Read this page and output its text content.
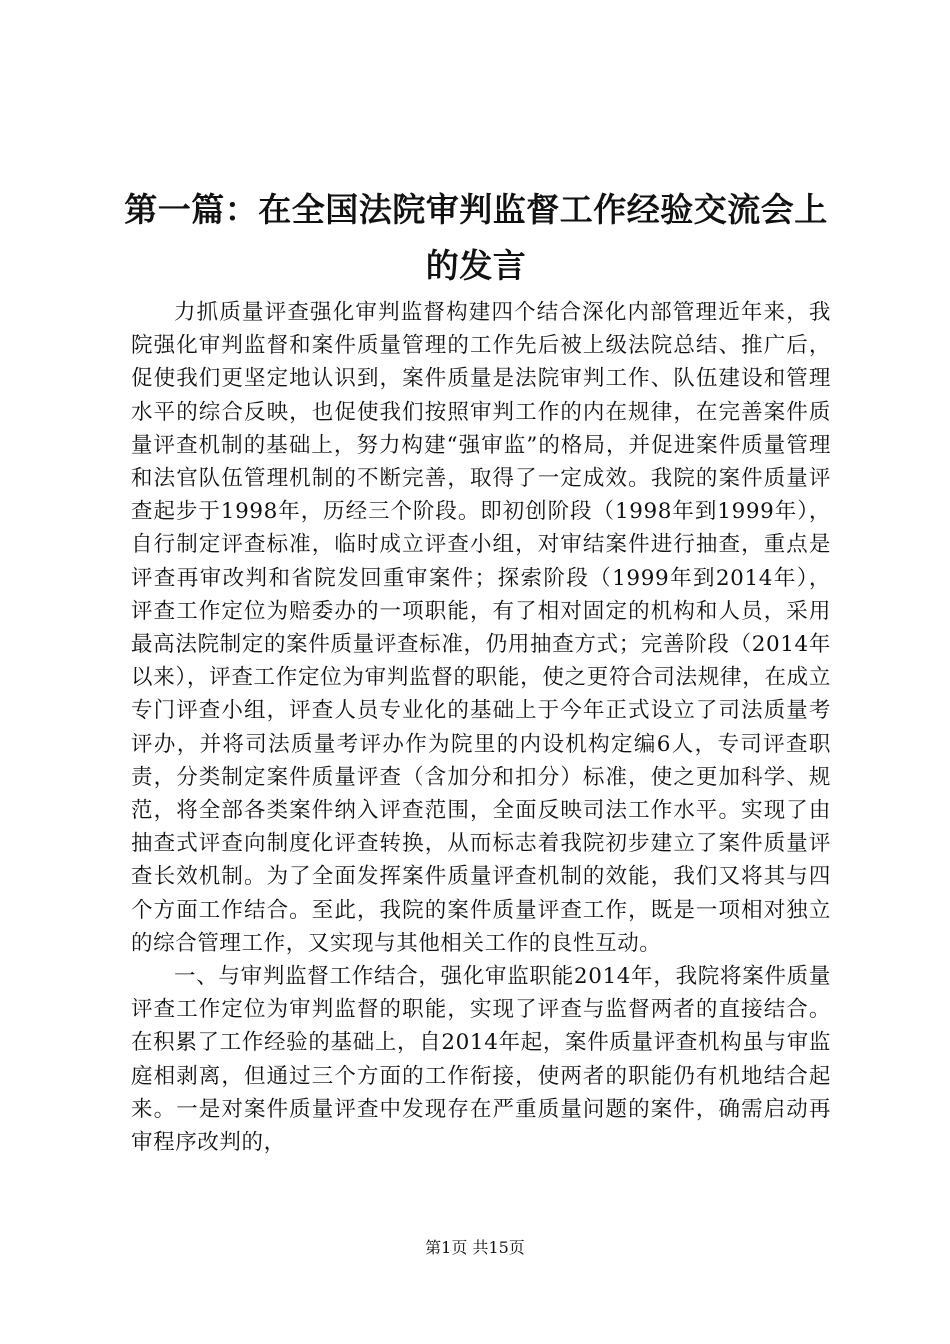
第一篇：在全国法院审判监督工作经验交流会上的发言

力抓质量评查强化审判监督构建四个结合深化内部管理近年来，我院强化审判监督和案件质量管理的工作先后被上级法院总结、推广后，促使我们更坚定地认识到，案件质量是法院审判工作、队伍建设和管理水平的综合反映，也促使我们按照审判工作的内在规律，在完善案件质量评查机制的基础上，努力构建“强审监”的格局，并促进案件质量管理和法官队伍管理机制的不断完善，取得了一定成效。我院的案件质量评查起步于1998年，历经三个阶段。即初创阶段（1998年到1999年），自行制定评查标准，临时成立评查小组，对审结案件进行抽查，重点是评查再审改判和省院发回重审案件；探索阶段（1999年到2014年），评查工作定位为赔委办的一项职能，有了相对固定的机构和人员，采用最高法院制定的案件质量评查标准，仍用抽查方式；完善阶段（2014年以来），评查工作定位为审判监督的职能，使之更符合司法规律，在成立专门评查小组，评查人员专业化的基础上于今年正式设立了司法质量考评办，并将司法质量考评办作为院里的内设机构定编6人，专司评查职责，分类制定案件质量评查（含加分和扣分）标准，使之更加科学、规范，将全部各类案件纳入评查范围，全面反映司法工作水平。实现了由抽查式评查向制度化评查转换，从而标志着我院初步建立了案件质量评查长效机制。为了全面发挥案件质量评查机制的效能，我们又将其与四个方面工作结合。至此，我院的案件质量评查工作，既是一项相对独立的综合管理工作，又实现与其他相关工作的良性互动。

一、与审判监督工作结合，强化审监职能2014年，我院将案件质量评查工作定位为审判监督的职能，实现了评查与监督两者的直接结合。在积累了工作经验的基础上，自2014年起，案件质量评查机构虽与审监庭相剥离，但通过三个方面的工作衔接，使两者的职能仍有机地结合起来。一是对案件质量评查中发现存在严重质量问题的案件，确需启动再审程序改判的，

第1页 共15页
